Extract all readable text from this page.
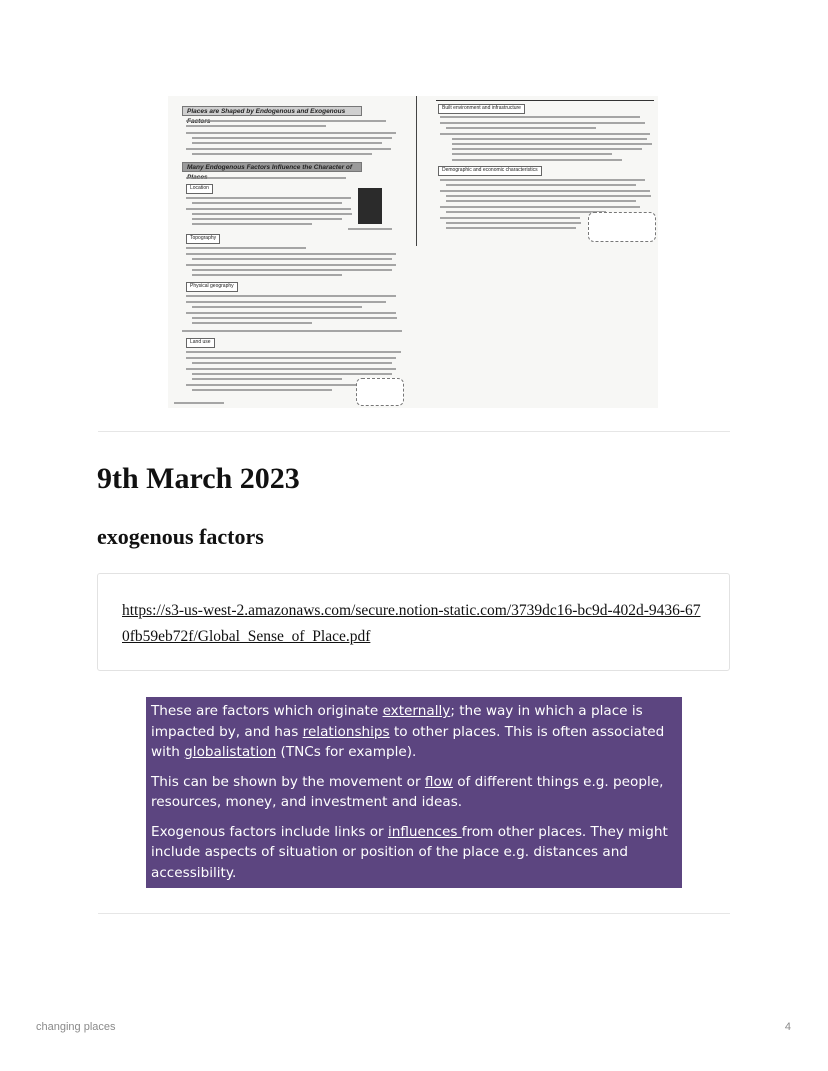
Places are Shaped by Endogenous and Exogenous
Many Endogenous Factors Influence the Character of
Location
Topography
Physical geography
Land use
Built environment and infrastructure
Demographic and economic characteristics
9th March 2023
exogenous factors
https://s3-us-west-2.amazonaws.com/secure.notion-static.com/3739dc16-bc9d-402d-9436-670fb59eb72f/Global_Sense_of_Place.pdf

These are factors which originate externally; the way in which a place is impacted by, and has relationships to other places. This is often associated with globalistation (TNCs for example).

This can be shown by the movement or flow of different things e.g. people, resources, money, and investment and ideas.

Exogenous factors include links or influences from other places. They might include aspects of situation or position of the place e.g. distances and accessibility.

changing places	4
